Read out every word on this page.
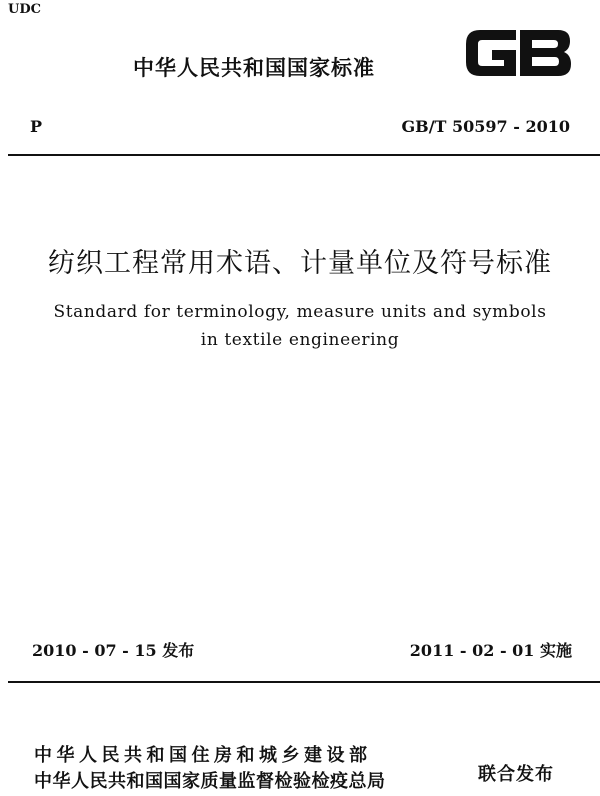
UDC
中华人民共和国国家标准
P	GB/T 50597 - 2010
纺织工程常用术语、计量单位及符号标准
Standard for terminology, measure units and symbols
in textile engineering
2010 - 07 - 15 发布	2011 - 02 - 01 实施
中华人民共和国住房和城乡建设部
中华人民共和国国家质量监督检验检疫总局	联合发布
